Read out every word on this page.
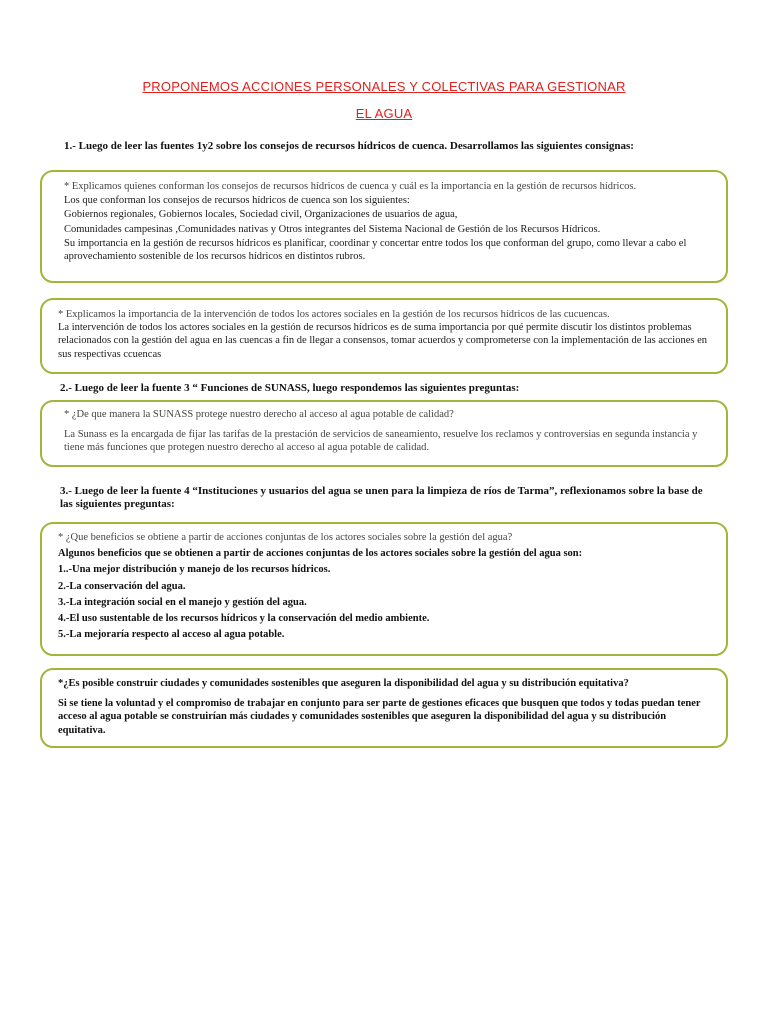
PROPONEMOS ACCIONES PERSONALES Y COLECTIVAS PARA GESTIONAR
EL AGUA
1.- Luego de leer las fuentes 1y2 sobre los consejos de recursos hídricos de cuenca. Desarrollamos las siguientes consignas:
* Explicamos quienes conforman los consejos de recursos hídricos de cuenca y cuál es la importancia en la gestión de recursos hídricos.
Los que conforman los consejos de recursos hídricos de cuenca son los siguientes:
Gobiernos regionales, Gobiernos locales, Sociedad civil, Organizaciones de usuarios de agua,
Comunidades campesinas ,Comunidades nativas y Otros integrantes del Sistema Nacional de Gestión de los Recursos Hídricos.
Su importancia en la gestión de recursos hídricos es planificar, coordinar y concertar entre todos los que conforman del grupo, como llevar a cabo el aprovechamiento sostenible de los recursos hídricos en distintos rubros.
* Explicamos la importancia de la intervención de todos los actores sociales en la gestión de los recursos hídricos de las cucuencas.
La intervención de todos los actores sociales en la gestión de recursos hídricos es de suma importancia por qué permite discutir los distintos problemas relacionados con la gestión del agua en las cuencas a fin de llegar a consensos, tomar acuerdos y comprometerse con la implementación de las acciones en sus respectivas ccuencas
2.- Luego de leer la fuente 3 “ Funciones de SUNASS, luego respondemos las siguientes preguntas:
* ¿De que manera la SUNASS protege nuestro derecho al acceso al agua potable de calidad?
La Sunass es la encargada de fijar las tarifas de la prestación de servicios de saneamiento, resuelve los reclamos y controversias en segunda instancia y tiene más funciones que protegen nuestro derecho al acceso al agua potable de calidad.
3.- Luego de leer la fuente 4 “Instituciones y usuarios del agua se unen para la limpieza de ríos de Tarma”, reflexionamos sobre la base de las siguientes preguntas:
* ¿Que beneficios se obtiene a partir de acciones conjuntas de los actores sociales sobre la gestión del agua?
Algunos beneficios que se obtienen a partir de acciones conjuntas de los actores sociales sobre la gestión del agua son:
1..-Una mejor distribución y manejo de los recursos hídricos.
2.-La conservación del agua.
3.-La integración social en el manejo y gestión del agua.
4.-El uso sustentable de los recursos hídricos y la conservación del medio ambiente.
5.-La mejoraría respecto al acceso al agua potable.
*¿Es posible construir ciudades y comunidades sostenibles que aseguren la disponibilidad del agua y su distribución equitativa?
Si se tiene la voluntad y el compromiso de trabajar en conjunto para ser parte de gestiones eficaces que busquen que todos y todas puedan tener acceso al agua potable se construirían más ciudades y comunidades sostenibles que aseguren la disponibilidad del agua y su distribución equitativa.
